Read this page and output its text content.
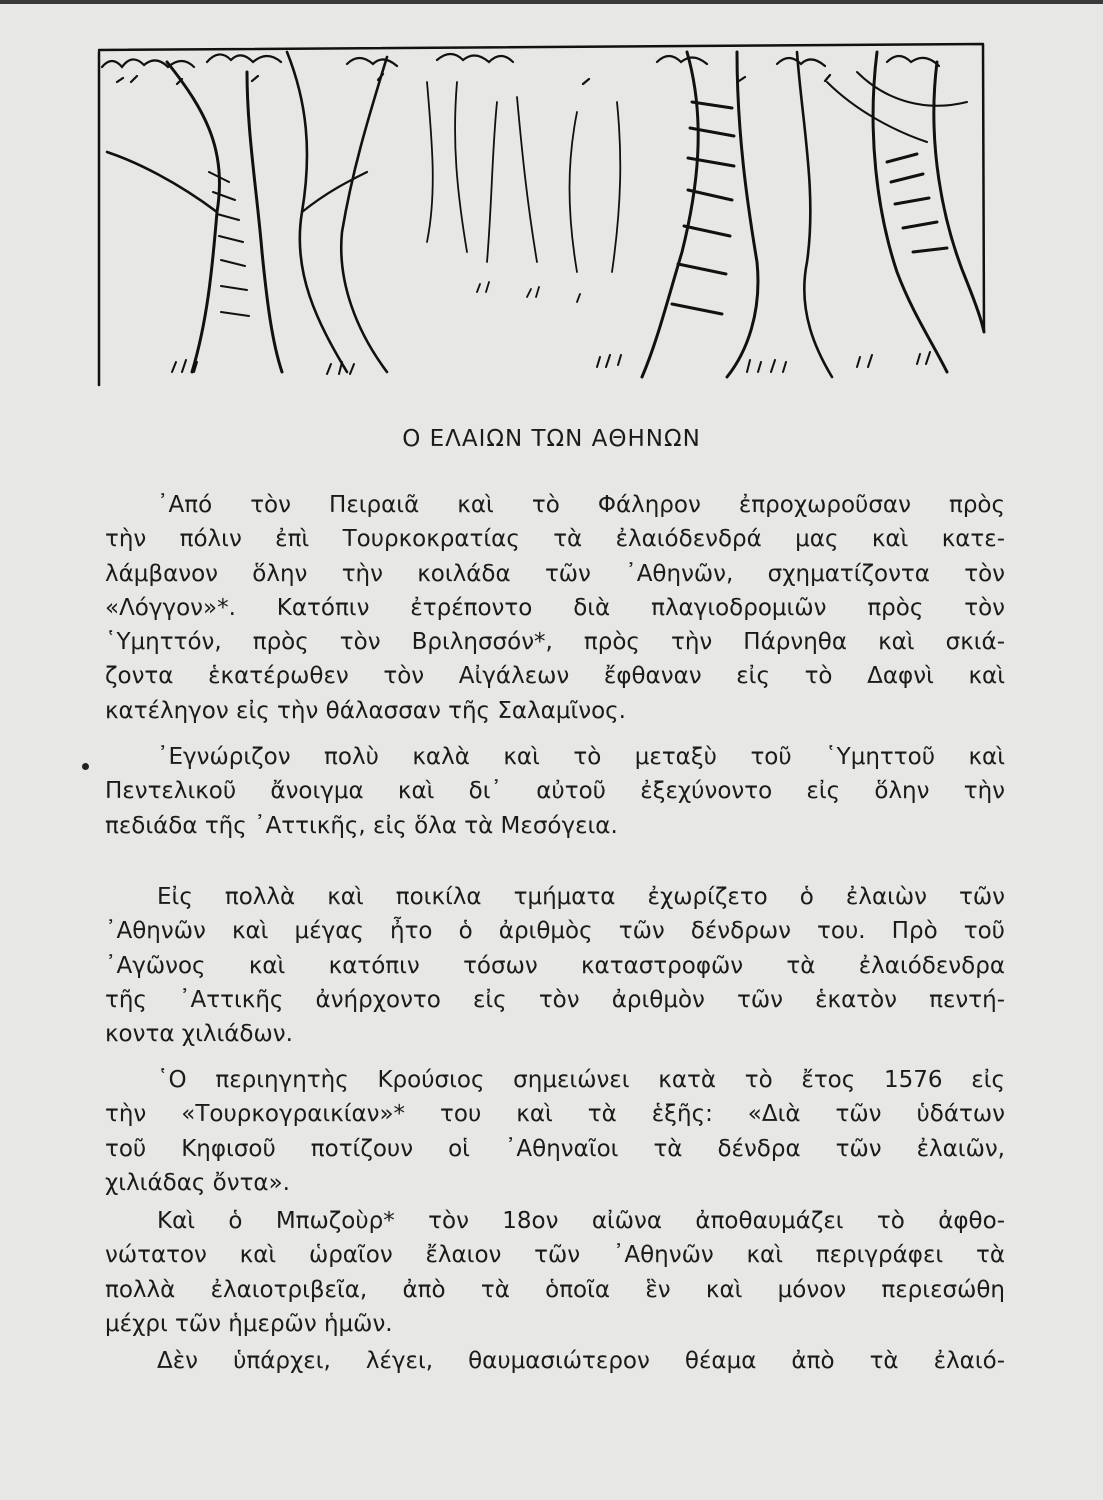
Ο ΕΛΑΙΩΝ ΤΩΝ ΑΘΗΝΩΝ

᾿Από τὸν Πειραιᾶ καὶ τὸ Φάληρον ἐπροχωροῦσαν πρὸς
τὴν πόλιν ἐπὶ Τουρκοκρατίας τὰ ἐλαιόδενδρά μας καὶ κατε-
λάμβανον ὅλην τὴν κοιλάδα τῶν ᾿Αθηνῶν, σχηματίζοντα τὸν
«Λόγγον»*. Κατόπιν ἐτρέποντο διὰ πλαγιοδρομιῶν πρὸς τὸν
῾Υμηττόν, πρὸς τὸν Βριλησσόν*, πρὸς τὴν Πάρνηθα καὶ σκιά-
ζοντα ἑκατέρωθεν τὸν Αἰγάλεων ἔφθαναν εἰς τὸ Δαφνὶ καὶ
κατέληγον εἰς τὴν θάλασσαν τῆς Σαλαμῖνος.

᾿Εγνώριζον πολὺ καλὰ καὶ τὸ μεταξὺ τοῦ ῾Υμηττοῦ καὶ
Πεντελικοῦ ἄνοιγμα καὶ δι᾿ αὐτοῦ ἐξεχύνοντο εἰς ὅλην τὴν
πεδιάδα τῆς ᾿Αττικῆς, εἰς ὅλα τὰ Μεσόγεια.

Εἰς πολλὰ καὶ ποικίλα τμήματα ἐχωρίζετο ὁ ἐλαιὼν τῶν
᾿Αθηνῶν καὶ μέγας ἦτο ὁ ἀριθμὸς τῶν δένδρων του. Πρὸ τοῦ
᾿Αγῶνος καὶ κατόπιν τόσων καταστροφῶν τὰ ἐλαιόδενδρα
τῆς ᾿Αττικῆς ἀνήρχοντο εἰς τὸν ἀριθμὸν τῶν ἑκατὸν πεντή-
κοντα χιλιάδων.

῾Ο περιηγητὴς Κρούσιος σημειώνει κατὰ τὸ ἔτος 1576 εἰς
τὴν «Τουρκογραικίαν»* του καὶ τὰ ἑξῆς: «Διὰ τῶν ὑδάτων
τοῦ Κηφισοῦ ποτίζουν οἱ ᾿Αθηναῖοι τὰ δένδρα τῶν ἐλαιῶν,
χιλιάδας ὄντα».

Καὶ ὁ Μπωζοὺρ* τὸν 18ον αἰῶνα ἀποθαυμάζει τὸ ἀφθο-
νώτατον καὶ ὡραῖον ἔλαιον τῶν ᾿Αθηνῶν καὶ περιγράφει τὰ
πολλὰ ἐλαιοτριβεῖα, ἀπὸ τὰ ὁποῖα ἓν καὶ μόνον περιεσώθη
μέχρι τῶν ἡμερῶν ἡμῶν.

Δὲν ὑπάρχει, λέγει, θαυμασιώτερον θέαμα ἀπὸ τὰ ἐλαιό-
